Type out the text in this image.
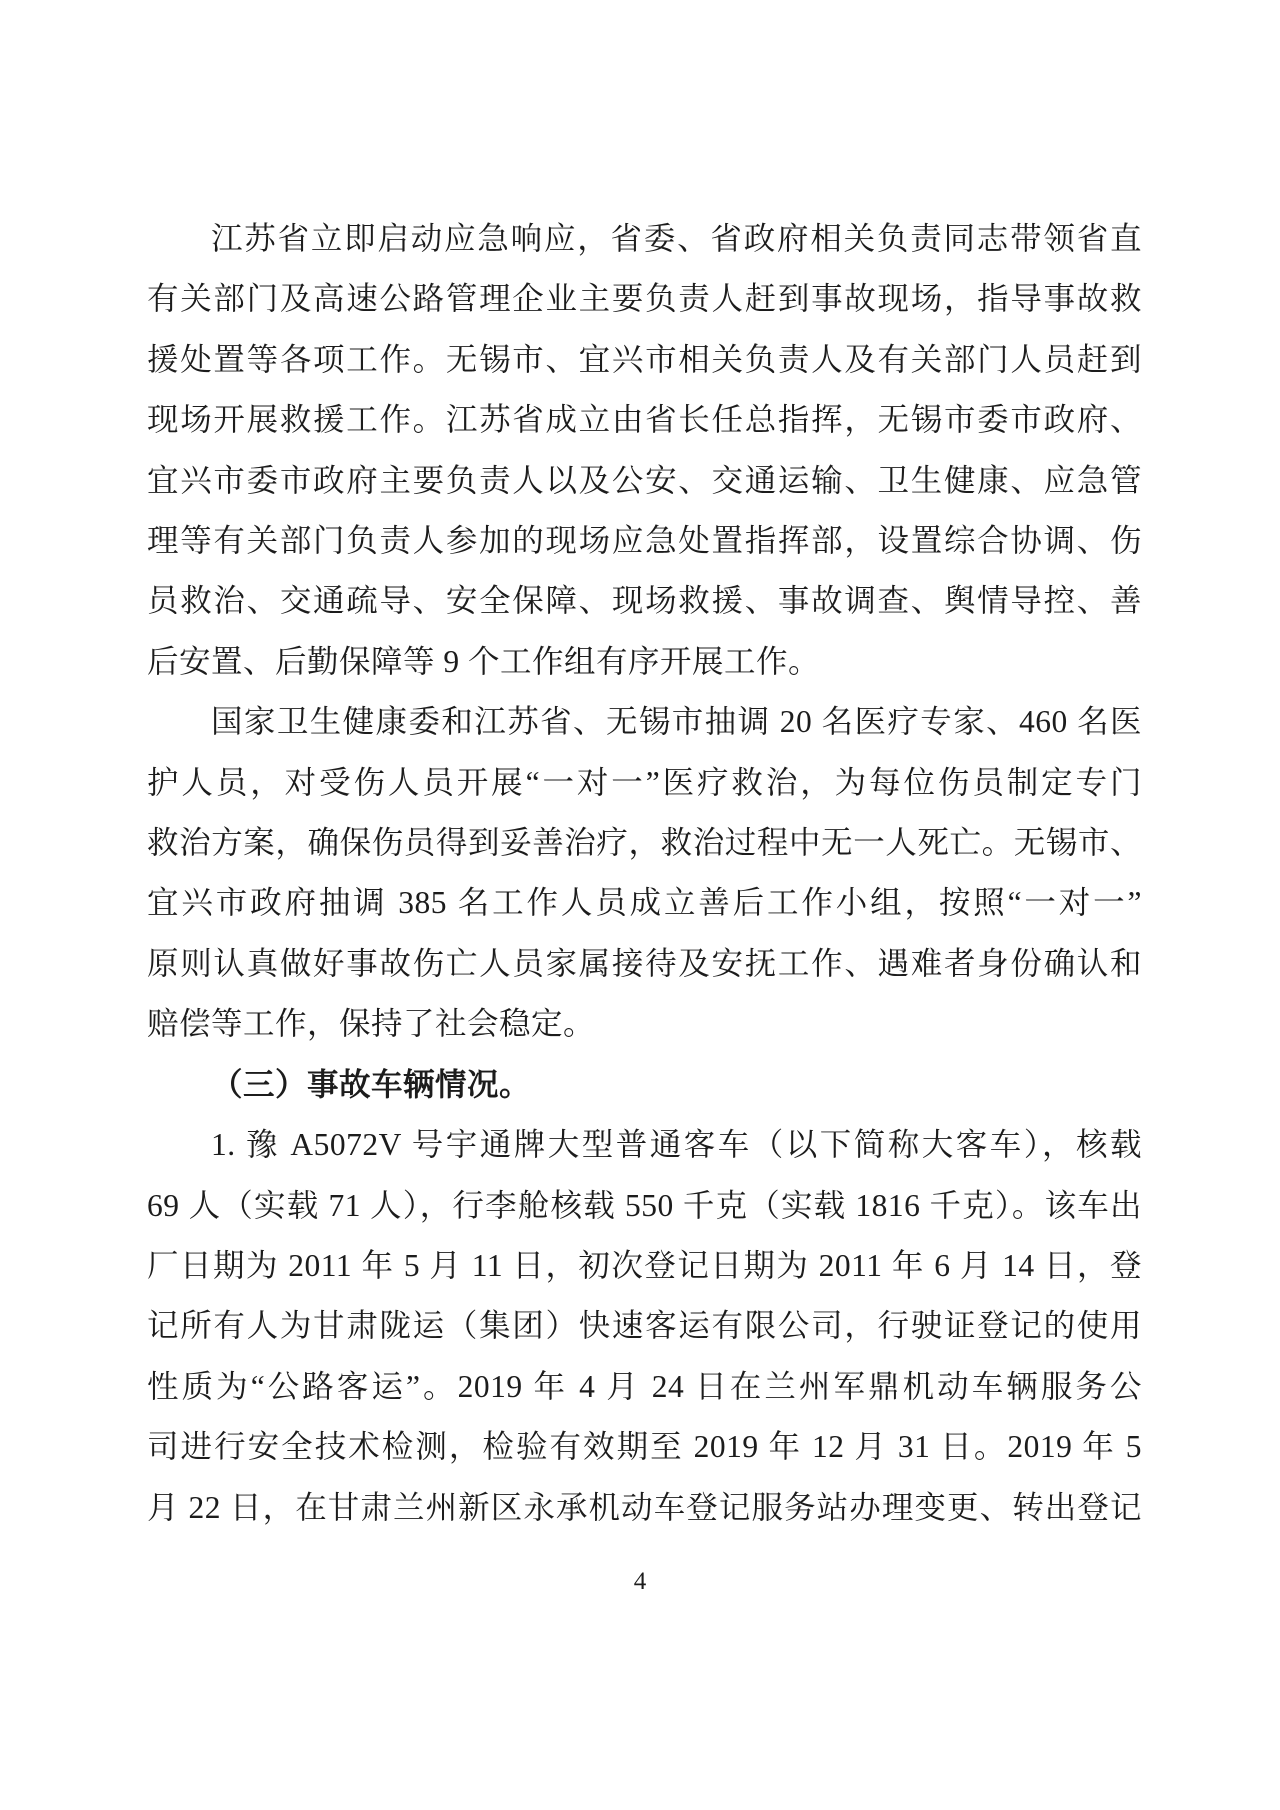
江苏省立即启动应急响应，省委、省政府相关负责同志带领省直
有关部门及高速公路管理企业主要负责人赶到事故现场，指导事故救
援处置等各项工作。无锡市、宜兴市相关负责人及有关部门人员赶到
现场开展救援工作。江苏省成立由省长任总指挥，无锡市委市政府、
宜兴市委市政府主要负责人以及公安、交通运输、卫生健康、应急管
理等有关部门负责人参加的现场应急处置指挥部，设置综合协调、伤
员救治、交通疏导、安全保障、现场救援、事故调查、舆情导控、善
后安置、后勤保障等 9 个工作组有序开展工作。
国家卫生健康委和江苏省、无锡市抽调 20 名医疗专家、460 名医
护人员，对受伤人员开展“一对一”医疗救治，为每位伤员制定专门
救治方案，确保伤员得到妥善治疗，救治过程中无一人死亡。无锡市、
宜兴市政府抽调 385 名工作人员成立善后工作小组，按照“一对一”
原则认真做好事故伤亡人员家属接待及安抚工作、遇难者身份确认和
赔偿等工作，保持了社会稳定。
（三）事故车辆情况。
1. 豫 A5072V 号宇通牌大型普通客车（以下简称大客车），核载
69 人（实载 71 人），行李舱核载 550 千克（实载 1816 千克）。该车出
厂日期为 2011 年 5 月 11 日，初次登记日期为 2011 年 6 月 14 日，登
记所有人为甘肃陇运（集团）快速客运有限公司，行驶证登记的使用
性质为“公路客运”。2019 年 4 月 24 日在兰州军鼎机动车辆服务公
司进行安全技术检测，检验有效期至 2019 年 12 月 31 日。2019 年 5
月 22 日，在甘肃兰州新区永承机动车登记服务站办理变更、转出登记
4
